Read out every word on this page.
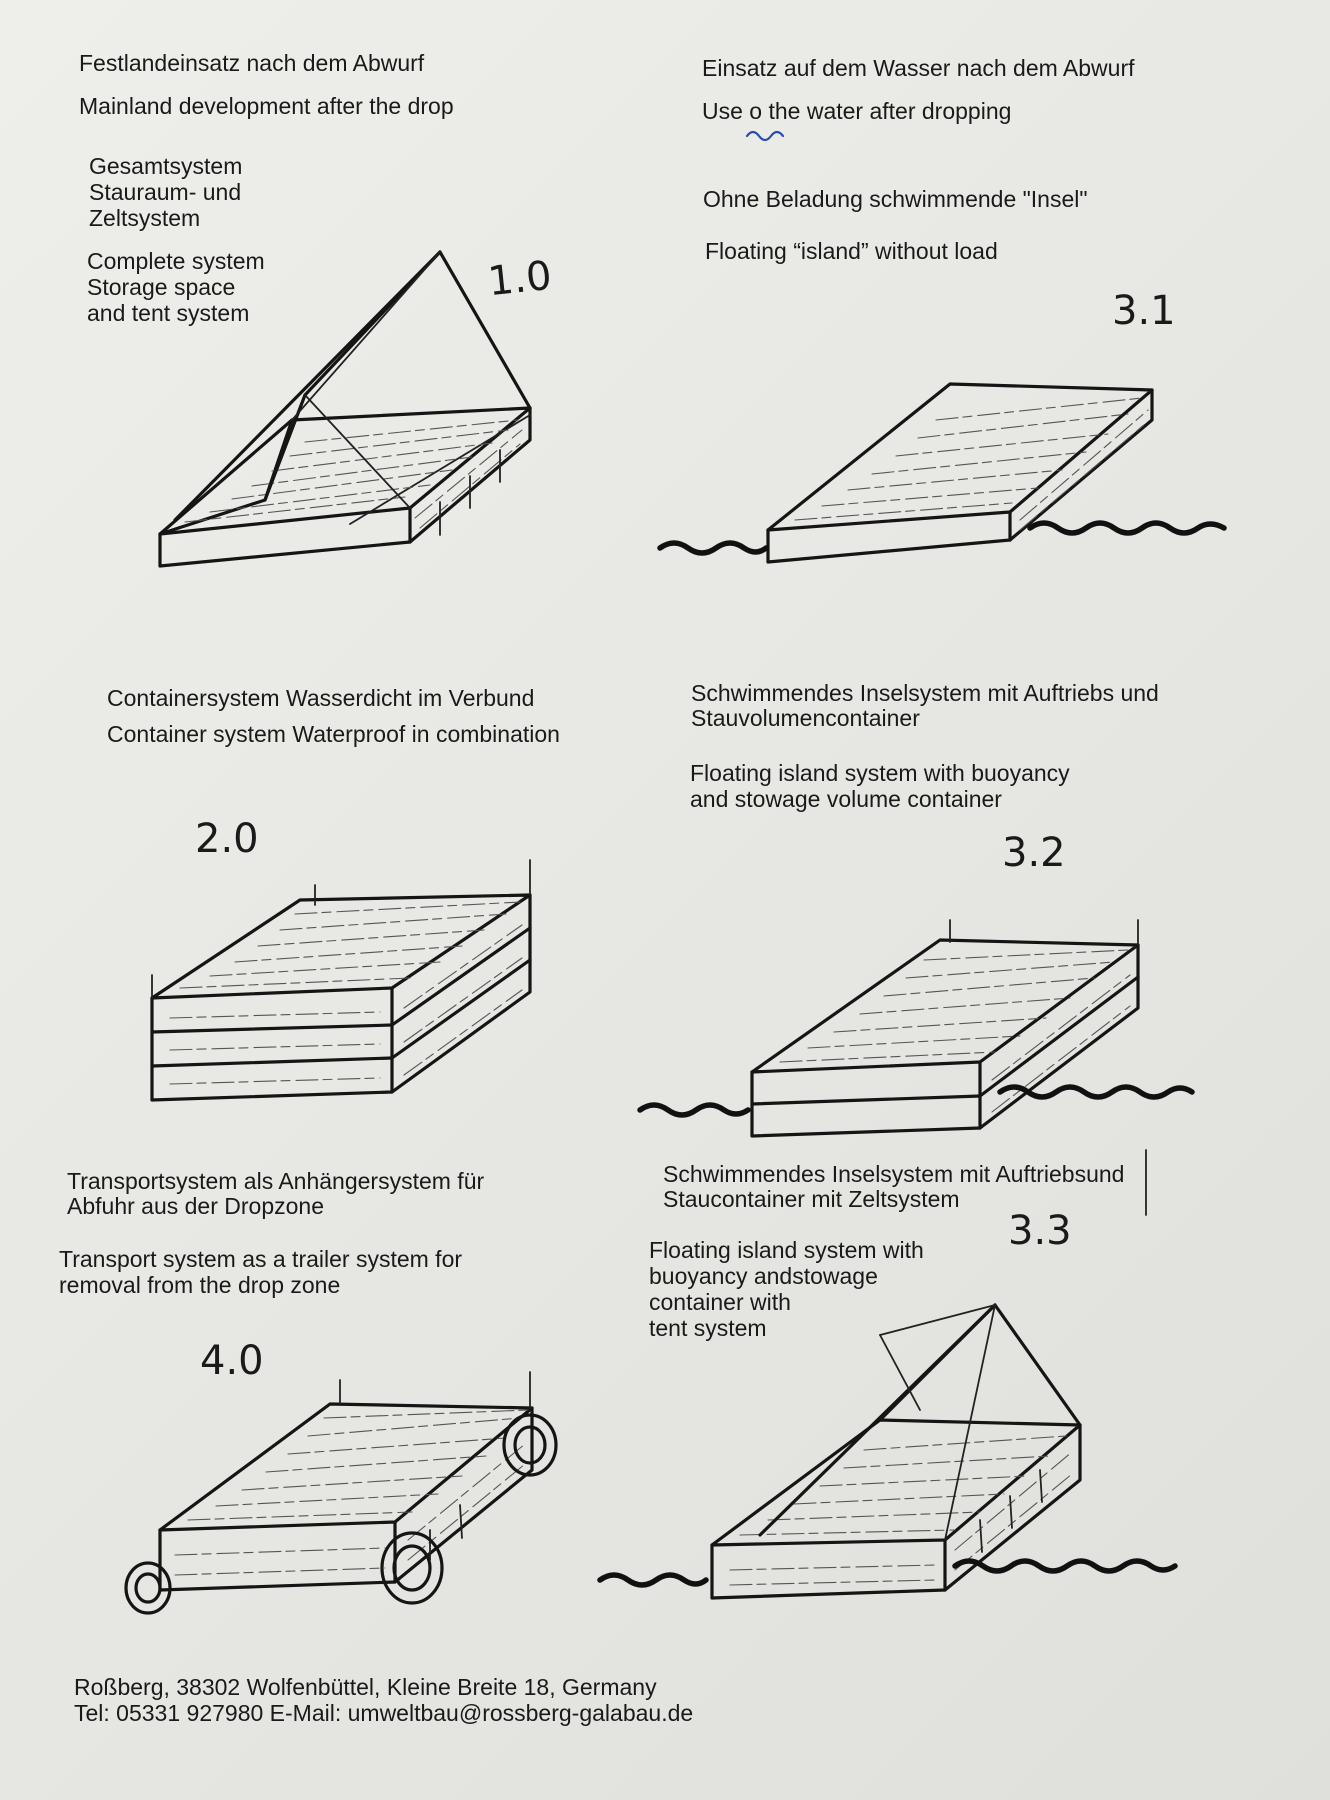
Festlandeinsatz nach dem Abwurf
Mainland development after the drop
Gesamtsystem
Stauraum- und
Zeltsystem
Complete system
Storage space
and tent system
1.0
Einsatz auf dem Wasser nach dem Abwurf
Use o the water after dropping
Ohne Beladung schwimmende "Insel"
Floating “island” without load
3.1
Containersystem Wasserdicht im Verbund
Container system Waterproof in combination
2.0
Schwimmendes Inselsystem mit Auftriebs und
Stauvolumencontainer
Floating island system with buoyancy
and stowage volume container
3.2
Transportsystem als Anhängersystem für
Abfuhr aus der Dropzone
Transport system as a trailer system for
removal from the drop zone
4.0
Schwimmendes Inselsystem mit Auftriebsund
Staucontainer mit Zeltsystem
Floating island system with
buoyancy andstowage
container with
tent system
3.3
Roßberg, 38302 Wolfenbüttel, Kleine Breite 18, Germany
Tel: 05331 927980 E-Mail: umweltbau@rossberg-galabau.de
